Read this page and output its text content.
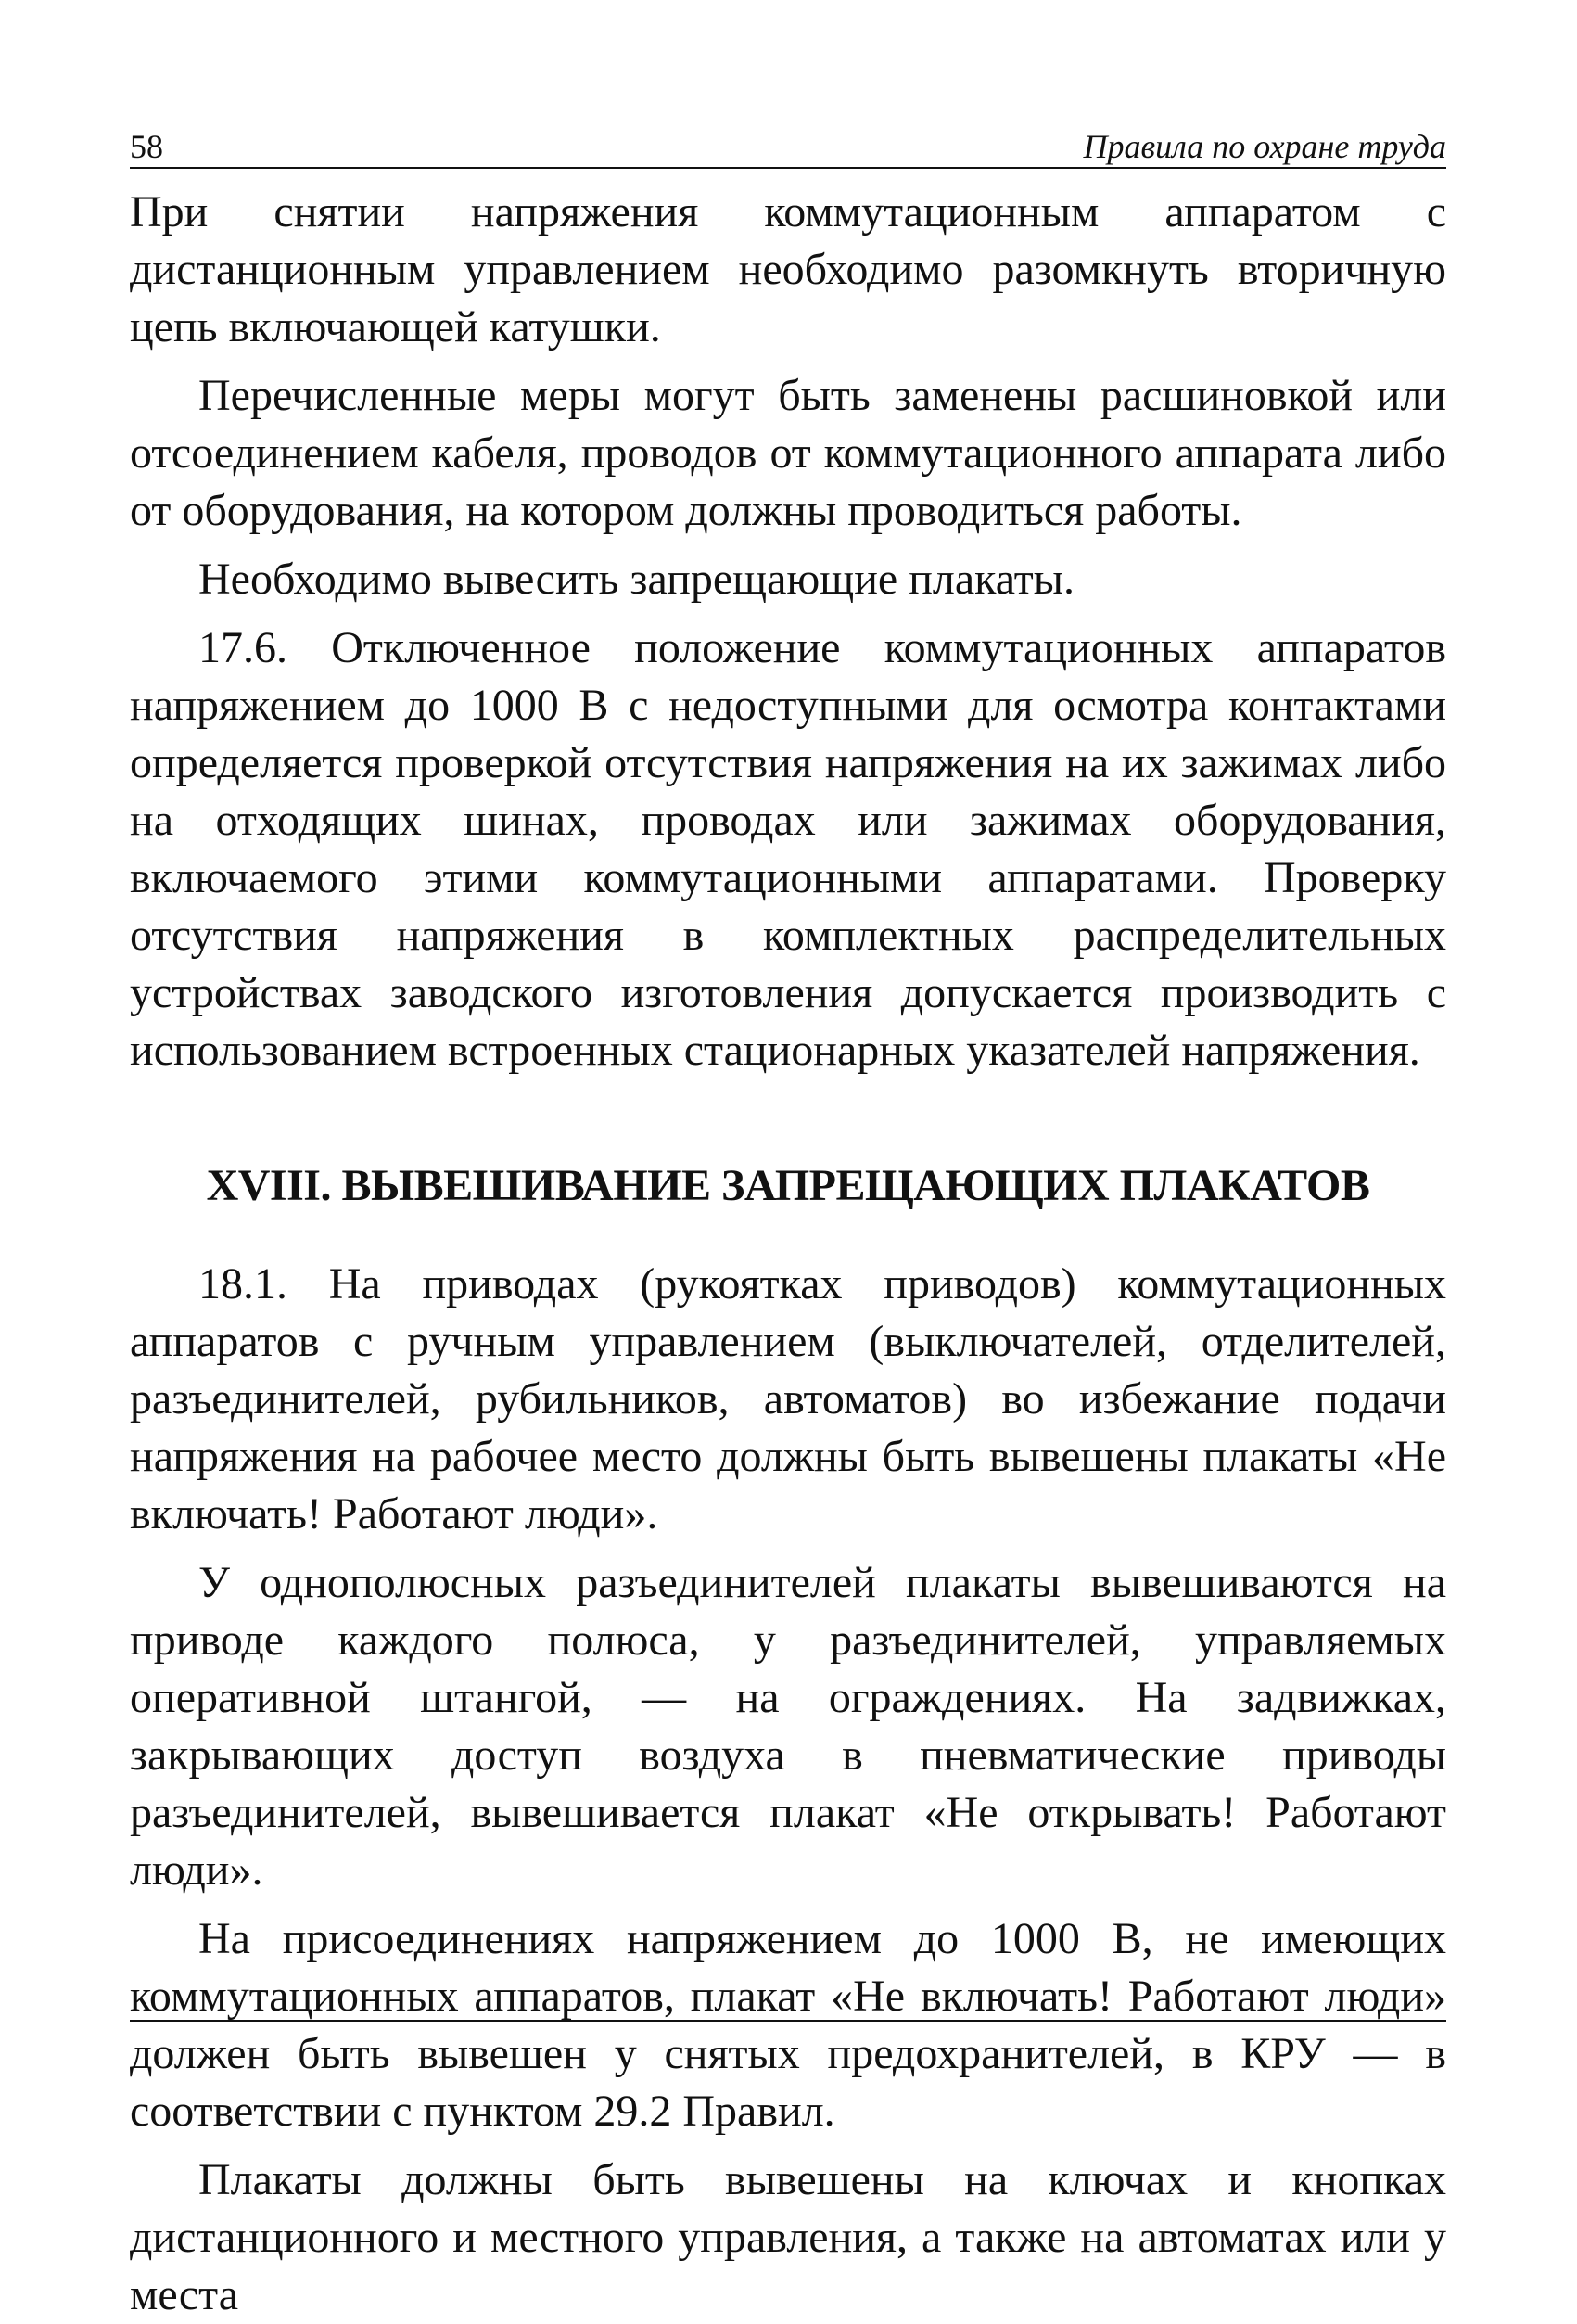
58	Правила по охране труда

При снятии напряжения коммутационным аппаратом с дистанционным управлением необходимо разомкнуть вторичную цепь включающей катушки.

Перечисленные меры могут быть заменены расшиновкой или отсоединением кабеля, проводов от коммутационного аппарата либо от оборудования, на котором должны проводиться работы.

Необходимо вывесить запрещающие плакаты.

17.6. Отключенное положение коммутационных аппаратов напряжением до 1000 В с недоступными для осмотра контактами определяется проверкой отсутствия напряжения на их зажимах либо на отходящих шинах, проводах или зажимах оборудования, включаемого этими коммутационными аппаратами. Проверку отсутствия напряжения в комплектных распределительных устройствах заводского изготовления допускается производить с использованием встроенных стационарных указателей напряжения.

XVIII. ВЫВЕШИВАНИЕ ЗАПРЕЩАЮЩИХ ПЛАКАТОВ

18.1. На приводах (рукоятках приводов) коммутационных аппаратов с ручным управлением (выключателей, отделителей, разъединителей, рубильников, автоматов) во избежание подачи напряжения на рабочее место должны быть вывешены плакаты «Не включать! Работают люди».

У однополюсных разъединителей плакаты вывешиваются на приводе каждого полюса, у разъединителей, управляемых оперативной штангой, — на ограждениях. На задвижках, закрывающих доступ воздуха в пневматические приводы разъединителей, вывешивается плакат «Не открывать! Работают люди».

На присоединениях напряжением до 1000 В, не имеющих коммутационных аппаратов, плакат «Не включать! Работают люди» должен быть вывешен у снятых предохранителей, в КРУ — в соответствии с пунктом 29.2 Правил.

Плакаты должны быть вывешены на ключах и кнопках дистанционного и местного управления, а также на автоматах или у места
